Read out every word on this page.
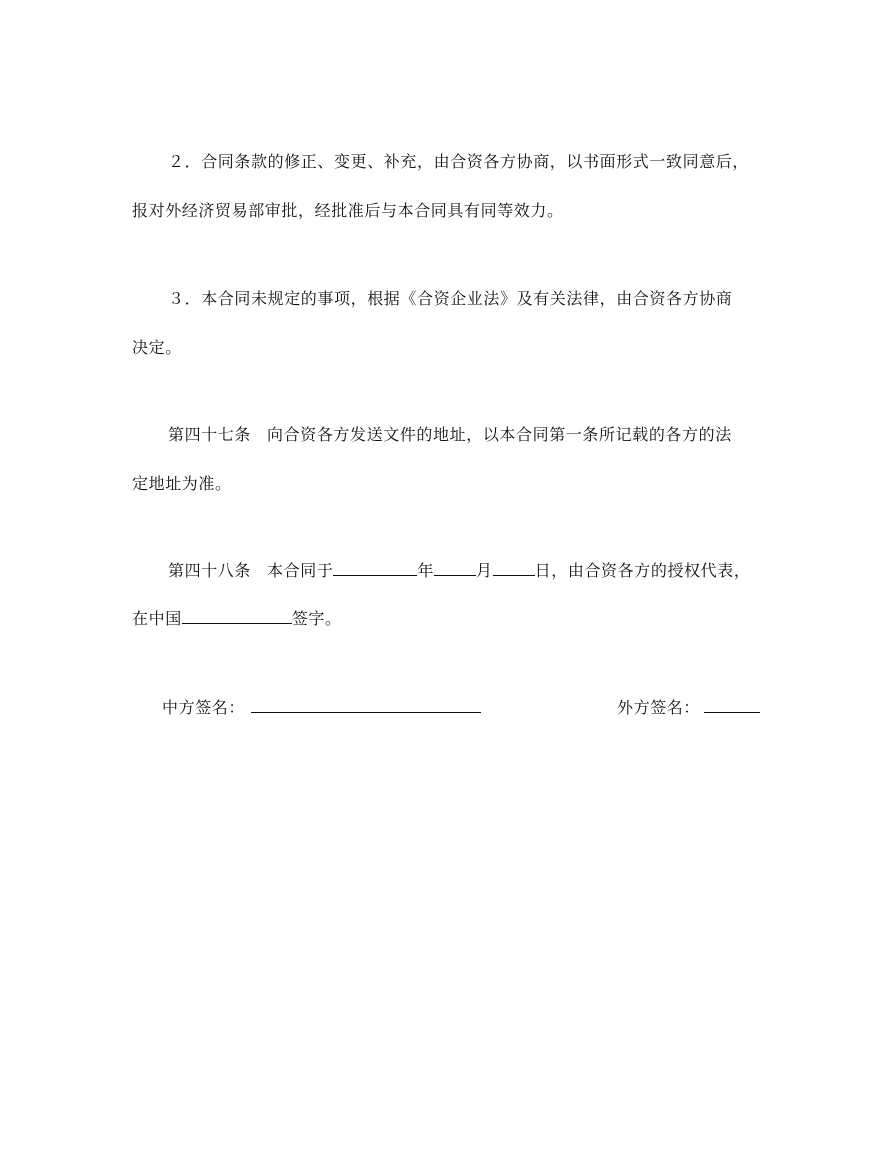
２．合同条款的修正、变更、补充，由合资各方协商，以书面形式一致同意后，
报对外经济贸易部审批，经批准后与本合同具有同等效力。
３．本合同未规定的事项，根据《合资企业法》及有关法律，由合资各方协商
决定。
第四十七条 向合资各方发送文件的地址，以本合同第一条所记载的各方的法
定地址为准。
第四十八条 本合同于	年	月	日，由合资各方的授权代表，
在中国	签字。
中方签名：	外方签名：
